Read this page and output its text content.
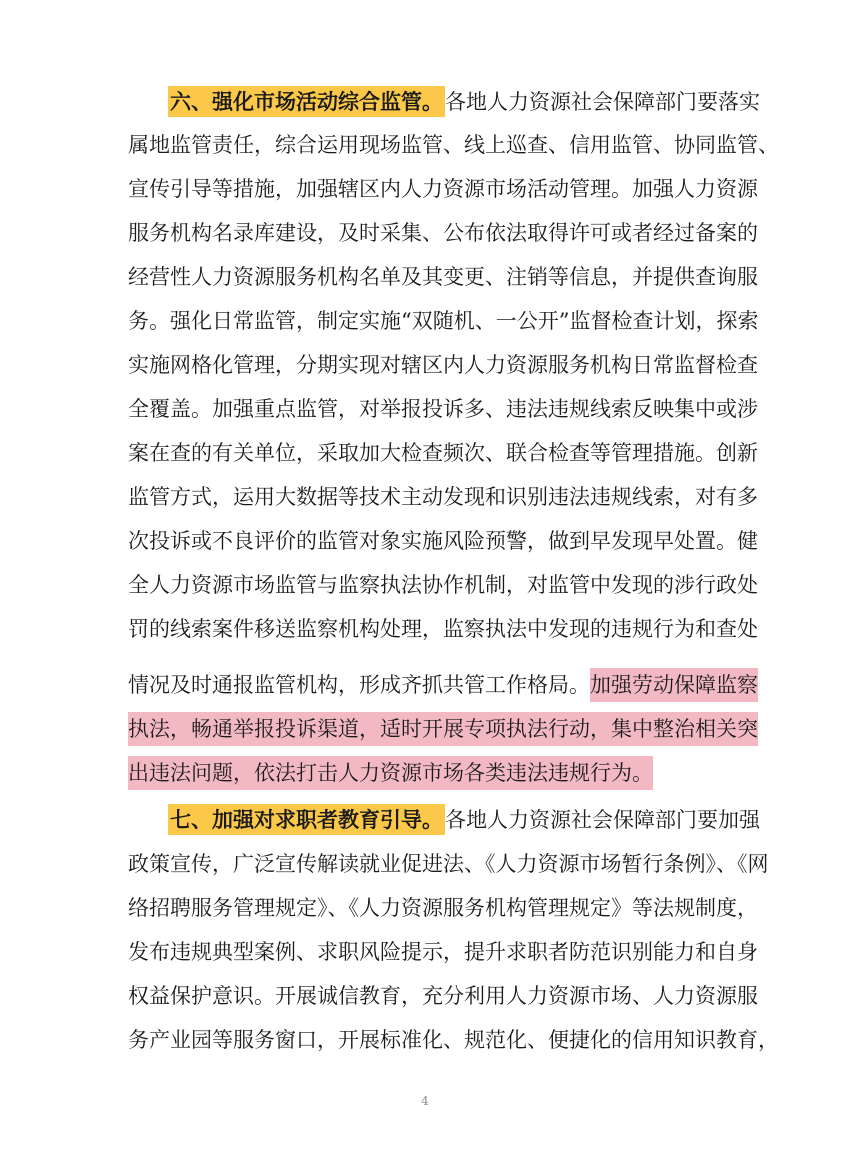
六、强化市场活动综合监管。各地人力资源社会保障部门要落实
属地监管责任，综合运用现场监管、线上巡查、信用监管、协同监管、
宣传引导等措施，加强辖区内人力资源市场活动管理。加强人力资源
服务机构名录库建设，及时采集、公布依法取得许可或者经过备案的
经营性人力资源服务机构名单及其变更、注销等信息，并提供查询服
务。强化日常监管，制定实施“双随机、一公开”监督检查计划，探索
实施网格化管理，分期实现对辖区内人力资源服务机构日常监督检查
全覆盖。加强重点监管，对举报投诉多、违法违规线索反映集中或涉
案在查的有关单位，采取加大检查频次、联合检查等管理措施。创新
监管方式，运用大数据等技术主动发现和识别违法违规线索，对有多
次投诉或不良评价的监管对象实施风险预警，做到早发现早处置。健
全人力资源市场监管与监察执法协作机制，对监管中发现的涉行政处
罚的线索案件移送监察机构处理，监察执法中发现的违规行为和查处
情况及时通报监管机构，形成齐抓共管工作格局。加强劳动保障监察
执法，畅通举报投诉渠道，适时开展专项执法行动，集中整治相关突
出违法问题，依法打击人力资源市场各类违法违规行为。
七、加强对求职者教育引导。各地人力资源社会保障部门要加强
政策宣传，广泛宣传解读就业促进法、《人力资源市场暂行条例》、《网
络招聘服务管理规定》、《人力资源服务机构管理规定》等法规制度，
发布违规典型案例、求职风险提示，提升求职者防范识别能力和自身
权益保护意识。开展诚信教育，充分利用人力资源市场、人力资源服
务产业园等服务窗口，开展标准化、规范化、便捷化的信用知识教育，
4
